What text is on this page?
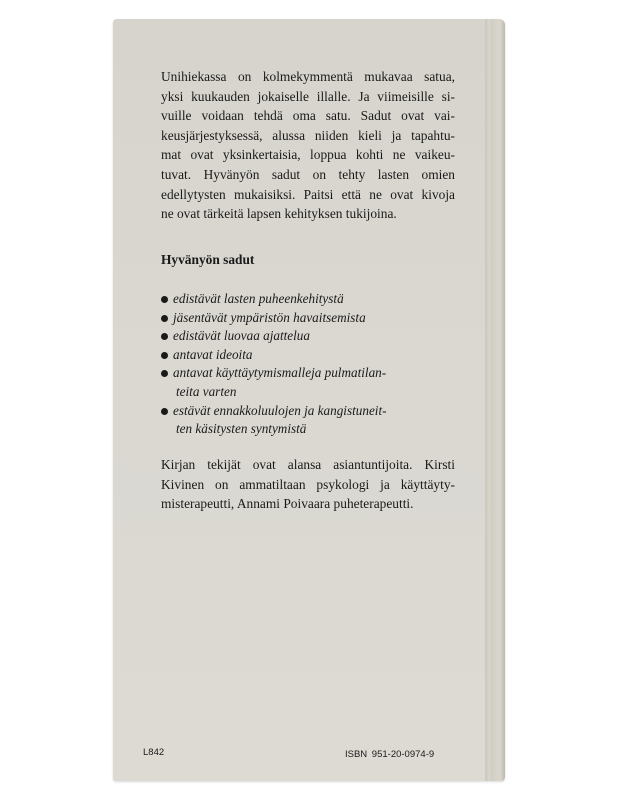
Unihiekassa on kolmekymmentä mukavaa satua,
yksi kuukauden jokaiselle illalle. Ja viimeisille si-
vuille voidaan tehdä oma satu. Sadut ovat vai-
keusjärjestyksessä, alussa niiden kieli ja tapahtu-
mat ovat yksinkertaisia, loppua kohti ne vaikeu-
tuvat. Hyvänyön sadut on tehty lasten omien
edellytysten mukaisiksi. Paitsi että ne ovat kivoja
ne ovat tärkeitä lapsen kehityksen tukijoina.

Hyvänyön sadut
edistävät lasten puheenkehitystä
jäsentävät ympäristön havaitsemista
edistävät luovaa ajattelua
antavat ideoita
antavat käyttäytymismalleja pulmatilan-
teita varten
estävät ennakkoluulojen ja kangistuneit-
ten käsitysten syntymistä
Kirjan tekijät ovat alansa asiantuntijoita. Kirsti
Kivinen on ammatiltaan psykologi ja käyttäyty-
misterapeutti, Annami Poivaara puheterapeutti.
L842	ISBN 951-20-0974-9
